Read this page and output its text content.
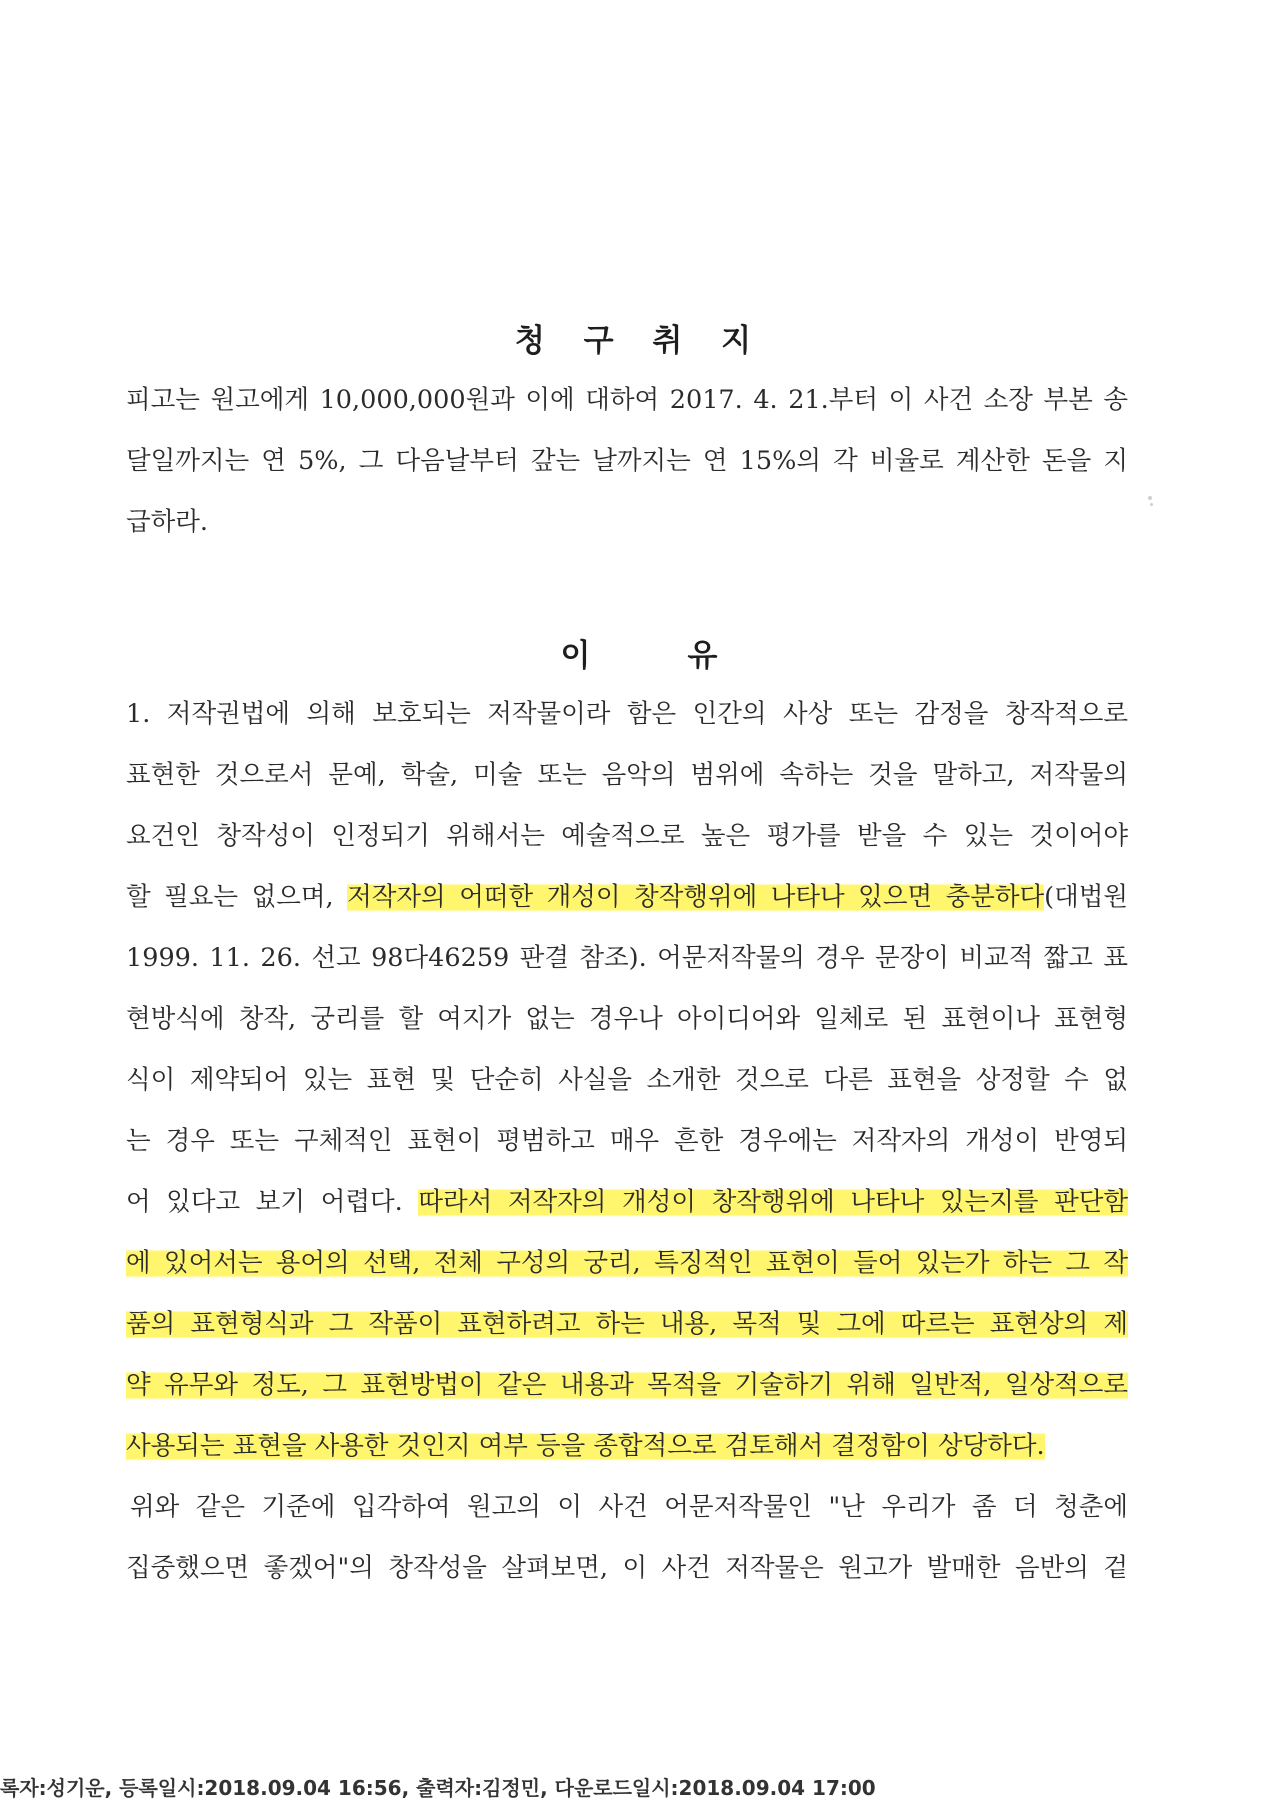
청 구 취 지
피고는 원고에게 10,000,000원과 이에 대하여 2017. 4. 21.부터 이 사건 소장 부본 송
달일까지는 연 5%, 그 다음날부터 갚는 날까지는 연 15%의 각 비율로 계산한 돈을 지
급하라.
이	유
1. 저작권법에 의해 보호되는 저작물이라 함은 인간의 사상 또는 감정을 창작적으로
표현한 것으로서 문예, 학술, 미술 또는 음악의 범위에 속하는 것을 말하고, 저작물의
요건인 창작성이 인정되기 위해서는 예술적으로 높은 평가를 받을 수 있는 것이어야
할 필요는 없으며, 저작자의 어떠한 개성이 창작행위에 나타나 있으면 충분하다(대법원
1999. 11. 26. 선고 98다46259 판결 참조). 어문저작물의 경우 문장이 비교적 짧고 표
현방식에 창작, 궁리를 할 여지가 없는 경우나 아이디어와 일체로 된 표현이나 표현형
식이 제약되어 있는 표현 및 단순히 사실을 소개한 것으로 다른 표현을 상정할 수 없
는 경우 또는 구체적인 표현이 평범하고 매우 흔한 경우에는 저작자의 개성이 반영되
어 있다고 보기 어렵다. 따라서 저작자의 개성이 창작행위에 나타나 있는지를 판단함
에 있어서는 용어의 선택, 전체 구성의 궁리, 특징적인 표현이 들어 있는가 하는 그 작
품의 표현형식과 그 작품이 표현하려고 하는 내용, 목적 및 그에 따르는 표현상의 제
약 유무와 정도, 그 표현방법이 같은 내용과 목적을 기술하기 위해 일반적, 일상적으로
사용되는 표현을 사용한 것인지 여부 등을 종합적으로 검토해서 결정함이 상당하다.
위와 같은 기준에 입각하여 원고의 이 사건 어문저작물인 "난 우리가 좀 더 청춘에
집중했으면 좋겠어"의 창작성을 살펴보면, 이 사건 저작물은 원고가 발매한 음반의 겉
록자:성기운, 등록일시:2018.09.04 16:56, 출력자:김정민, 다운로드일시:2018.09.04 17:00
